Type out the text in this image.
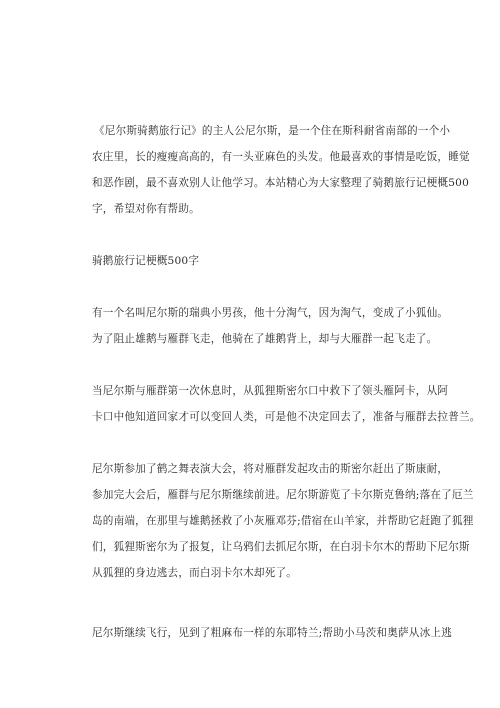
《尼尔斯骑鹅旅行记》的主人公尼尔斯，是一个住在斯科耐省南部的一个小
农庄里，长的瘦瘦高高的，有一头亚麻色的头发。他最喜欢的事情是吃饭，睡觉
和恶作剧，最不喜欢别人让他学习。本站精心为大家整理了骑鹅旅行记梗概500
字，希望对你有帮助。

骑鹅旅行记梗概500字

有一个名叫尼尔斯的瑞典小男孩，他十分淘气，因为淘气，变成了小狐仙。
为了阻止雄鹅与雁群飞走，他骑在了雄鹅背上，却与大雁群一起飞走了。

当尼尔斯与雁群第一次休息时，从狐狸斯密尔口中救下了领头雁阿卡，从阿
卡口中他知道回家才可以变回人类，可是他不决定回去了，准备与雁群去拉普兰。

尼尔斯参加了鹤之舞表演大会，将对雁群发起攻击的斯密尔赶出了斯康耐，
参加完大会后，雁群与尼尔斯继续前进。尼尔斯游览了卡尔斯克鲁纳;落在了厄兰
岛的南端，在那里与雄鹅拯救了小灰雁邓芬;借宿在山羊家，并帮助它赶跑了狐狸
们，狐狸斯密尔为了报复，让乌鸦们去抓尼尔斯，在白羽卡尔木的帮助下尼尔斯
从狐狸的身边逃去，而白羽卡尔木却死了。

尼尔斯继续飞行，见到了粗麻布一样的东耶特兰;帮助小马茨和奥萨从冰上逃
